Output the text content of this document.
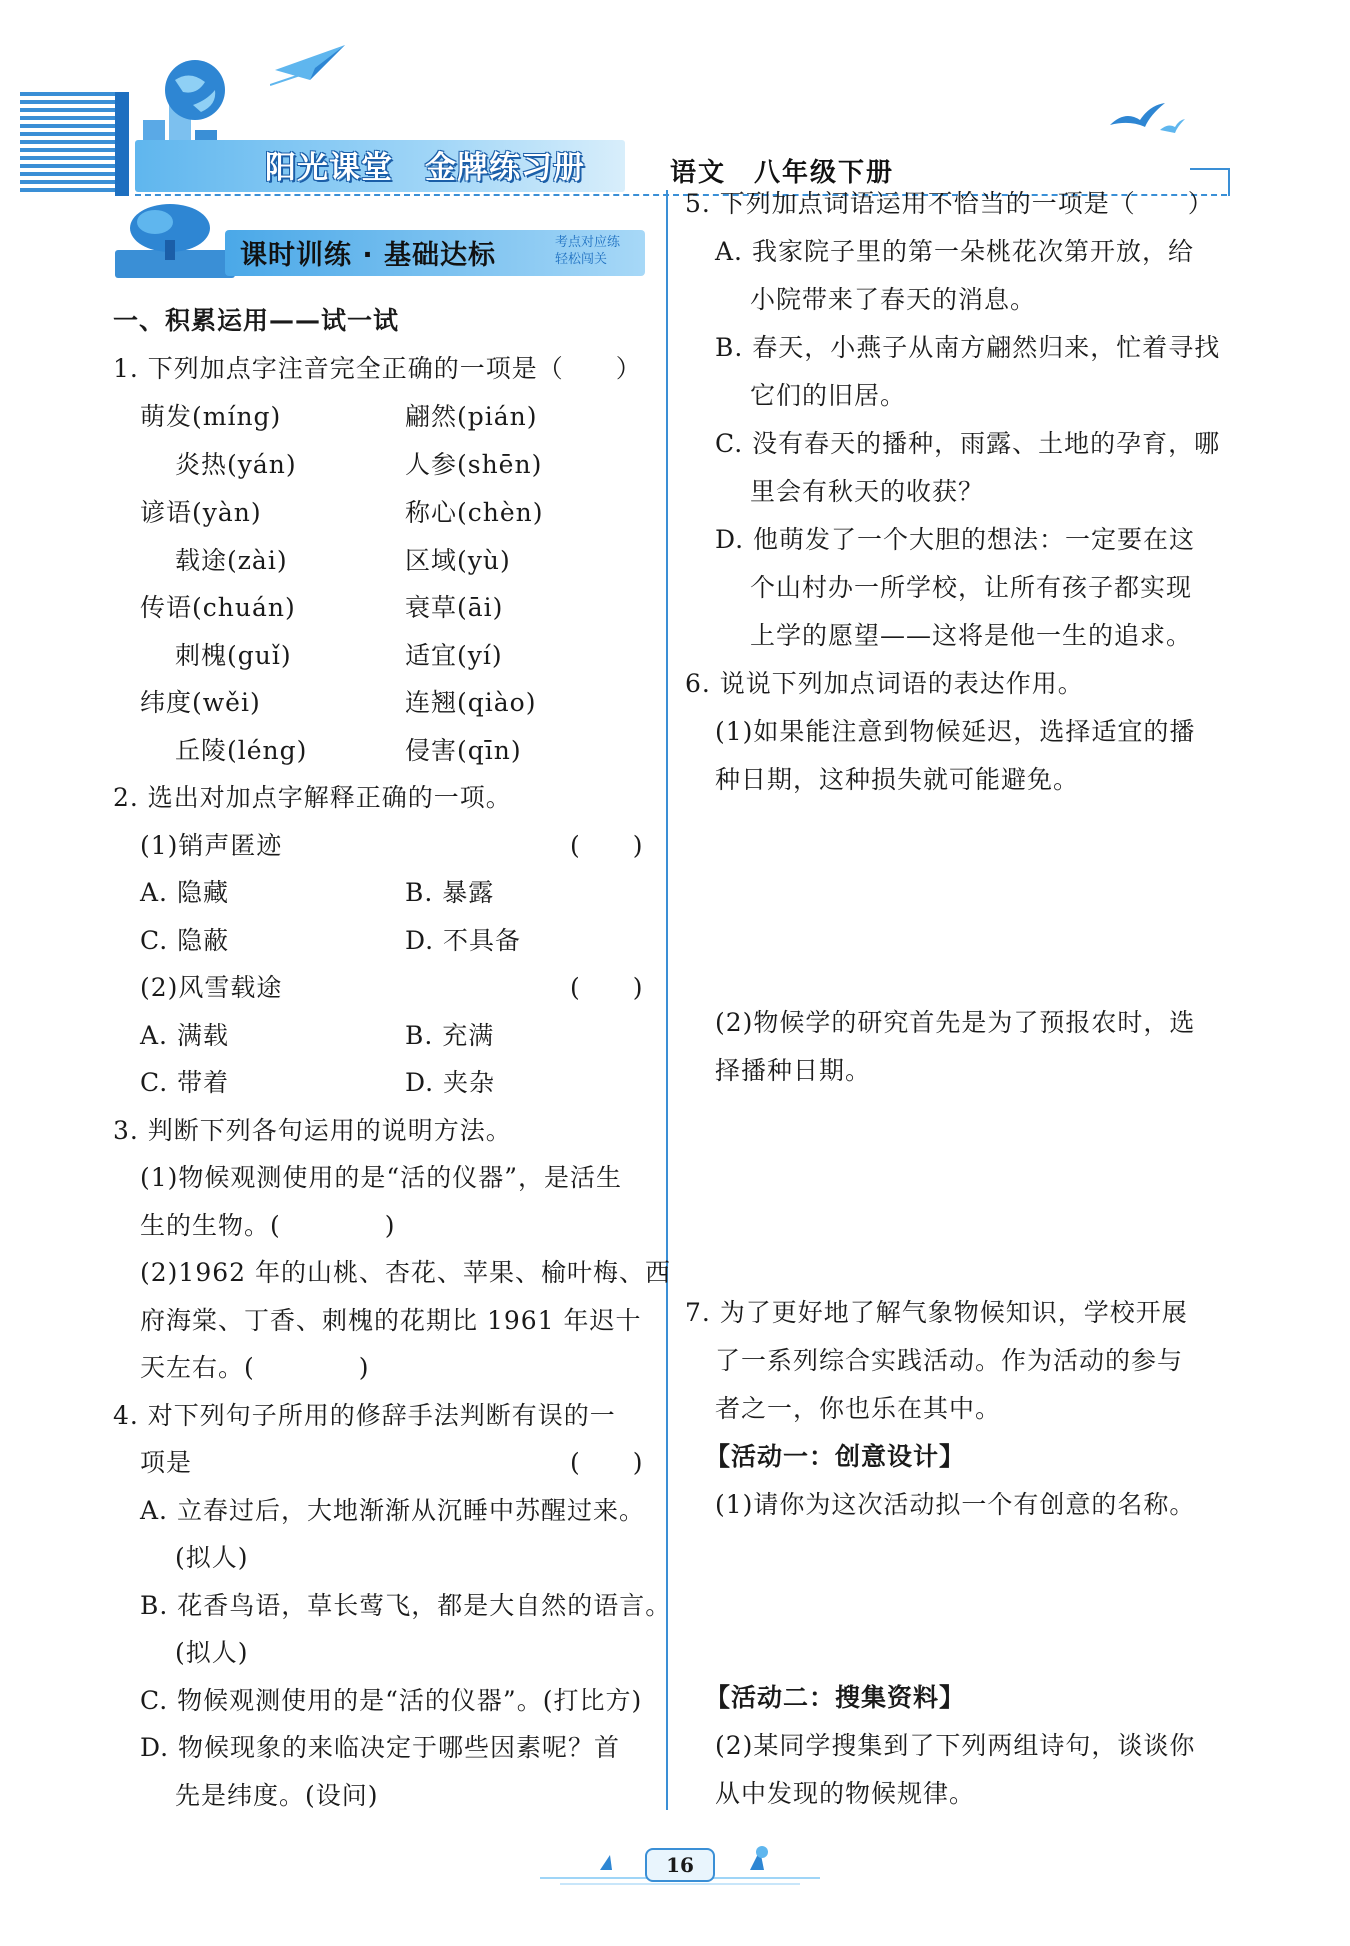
阳光课堂　金牌练习册	语文　八年级下册
课时训练 · 基础达标	考点对应练
轻松闯关
一、积累运用——试一试
1. 下列加点字注音完全正确的一项是（　　）
萌发(míng)	翩然(pián)
炎热(yán)	人参(shēn)
谚语(yàn)	称心(chèn)
载途(zài)	区域(yù)
传语(chuán)	衰草(āi)
刺槐(guǐ)	适宜(yí)
纬度(wěi)	连翘(qiào)
丘陵(léng)	侵害(qīn)
2. 选出对加点字解释正确的一项。
(1)销声匿迹	(　　)
A. 隐藏	B. 暴露
C. 隐蔽	D. 不具备
(2)风雪载途	(　　)
A. 满载	B. 充满
C. 带着	D. 夹杂
3. 判断下列各句运用的说明方法。
(1)物候观测使用的是“活的仪器”，是活生
生的生物。(　　　　)
(2)1962 年的山桃、杏花、苹果、榆叶梅、西
府海棠、丁香、刺槐的花期比 1961 年迟十
天左右。(　　　　)
4. 对下列句子所用的修辞手法判断有误的一
项是	(　　)
A. 立春过后，大地渐渐从沉睡中苏醒过来。
(拟人)
B. 花香鸟语，草长莺飞，都是大自然的语言。
(拟人)
C. 物候观测使用的是“活的仪器”。(打比方)
D. 物候现象的来临决定于哪些因素呢？首
先是纬度。(设问)
5. 下列加点词语运用不恰当的一项是（　　）
A. 我家院子里的第一朵桃花次第开放，给
小院带来了春天的消息。
B. 春天，小燕子从南方翩然归来，忙着寻找
它们的旧居。
C. 没有春天的播种，雨露、土地的孕育，哪
里会有秋天的收获？
D. 他萌发了一个大胆的想法：一定要在这
个山村办一所学校，让所有孩子都实现
上学的愿望——这将是他一生的追求。
6. 说说下列加点词语的表达作用。
(1)如果能注意到物候延迟，选择适宜的播
种日期，这种损失就可能避免。
(2)物候学的研究首先是为了预报农时，选
择播种日期。
7. 为了更好地了解气象物候知识，学校开展
了一系列综合实践活动。作为活动的参与
者之一，你也乐在其中。
【活动一：创意设计】
(1)请你为这次活动拟一个有创意的名称。
【活动二：搜集资料】
(2)某同学搜集到了下列两组诗句，谈谈你
从中发现的物候规律。
16
